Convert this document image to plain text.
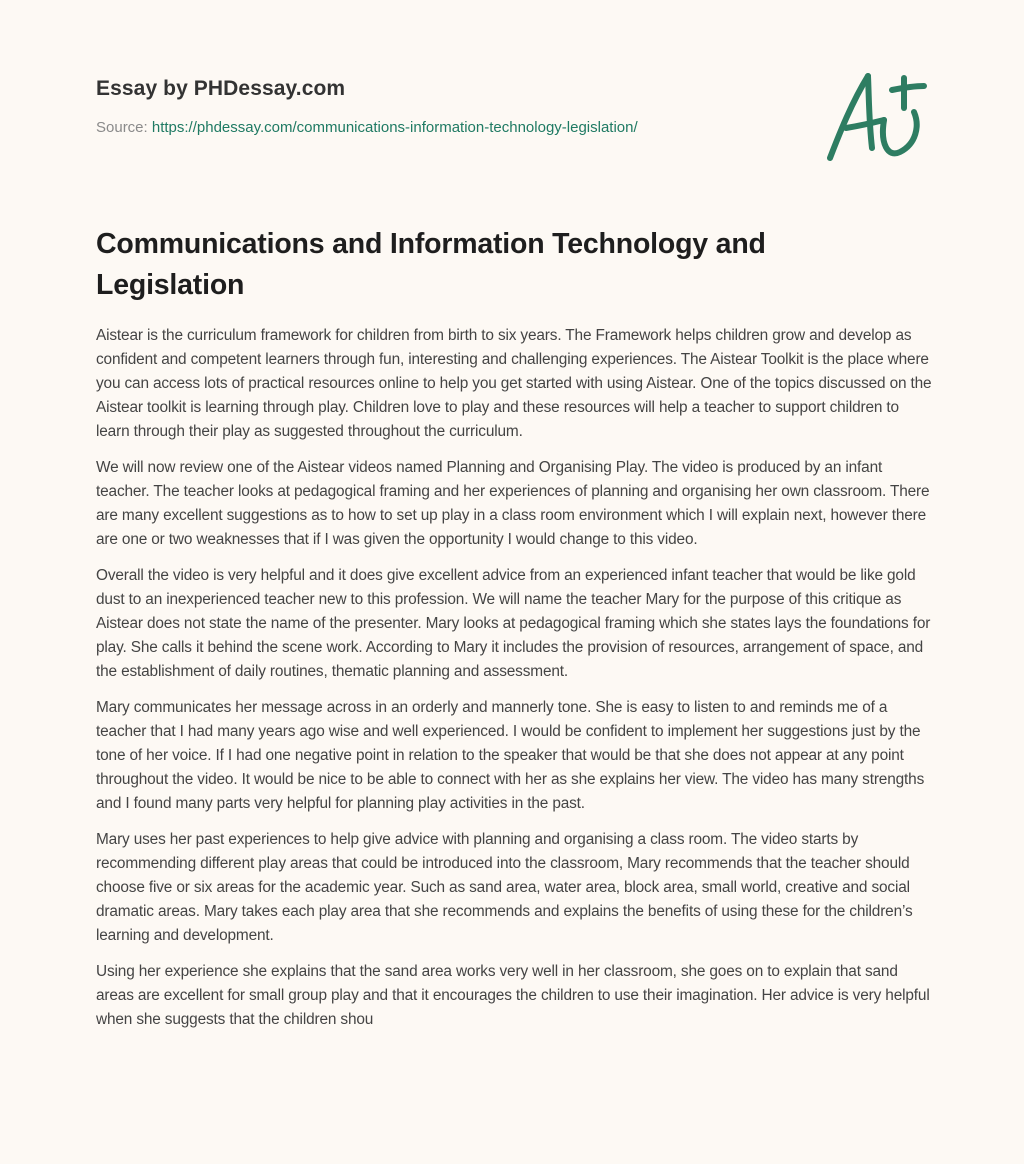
Essay by PHDessay.com
Source: https://phdessay.com/communications-information-technology-legislation/
Communications and Information Technology and Legislation

Aistear is the curriculum framework for children from birth to six years. The Framework helps children grow and develop as confident and competent learners through fun, interesting and challenging experiences. The Aistear Toolkit is the place where you can access lots of practical resources online to help you get started with using Aistear. One of the topics discussed on the Aistear toolkit is learning through play. Children love to play and these resources will help a teacher to support children to learn through their play as suggested throughout the curriculum.

We will now review one of the Aistear videos named Planning and Organising Play. The video is produced by an infant teacher. The teacher looks at pedagogical framing and her experiences of planning and organising her own classroom. There are many excellent suggestions as to how to set up play in a class room environment which I will explain next, however there are one or two weaknesses that if I was given the opportunity I would change to this video.

Overall the video is very helpful and it does give excellent advice from an experienced infant teacher that would be like gold dust to an inexperienced teacher new to this profession. We will name the teacher Mary for the purpose of this critique as Aistear does not state the name of the presenter. Mary looks at pedagogical framing which she states lays the foundations for play. She calls it behind the scene work. According to Mary it includes the provision of resources, arrangement of space, and the establishment of daily routines, thematic planning and assessment.

Mary communicates her message across in an orderly and mannerly tone. She is easy to listen to and reminds me of a teacher that I had many years ago wise and well experienced. I would be confident to implement her suggestions just by the tone of her voice. If I had one negative point in relation to the speaker that would be that she does not appear at any point throughout the video. It would be nice to be able to connect with her as she explains her view. The video has many strengths and I found many parts very helpful for planning play activities in the past.

Mary uses her past experiences to help give advice with planning and organising a class room. The video starts by recommending different play areas that could be introduced into the classroom, Mary recommends that the teacher should choose five or six areas for the academic year. Such as sand area, water area, block area, small world, creative and social dramatic areas. Mary takes each play area that she recommends and explains the benefits of using these for the children’s learning and development.

Using her experience she explains that the sand area works very well in her classroom, she goes on to explain that sand areas are excellent for small group play and that it encourages the children to use their imagination. Her advice is very helpful when she suggests that the children shou
